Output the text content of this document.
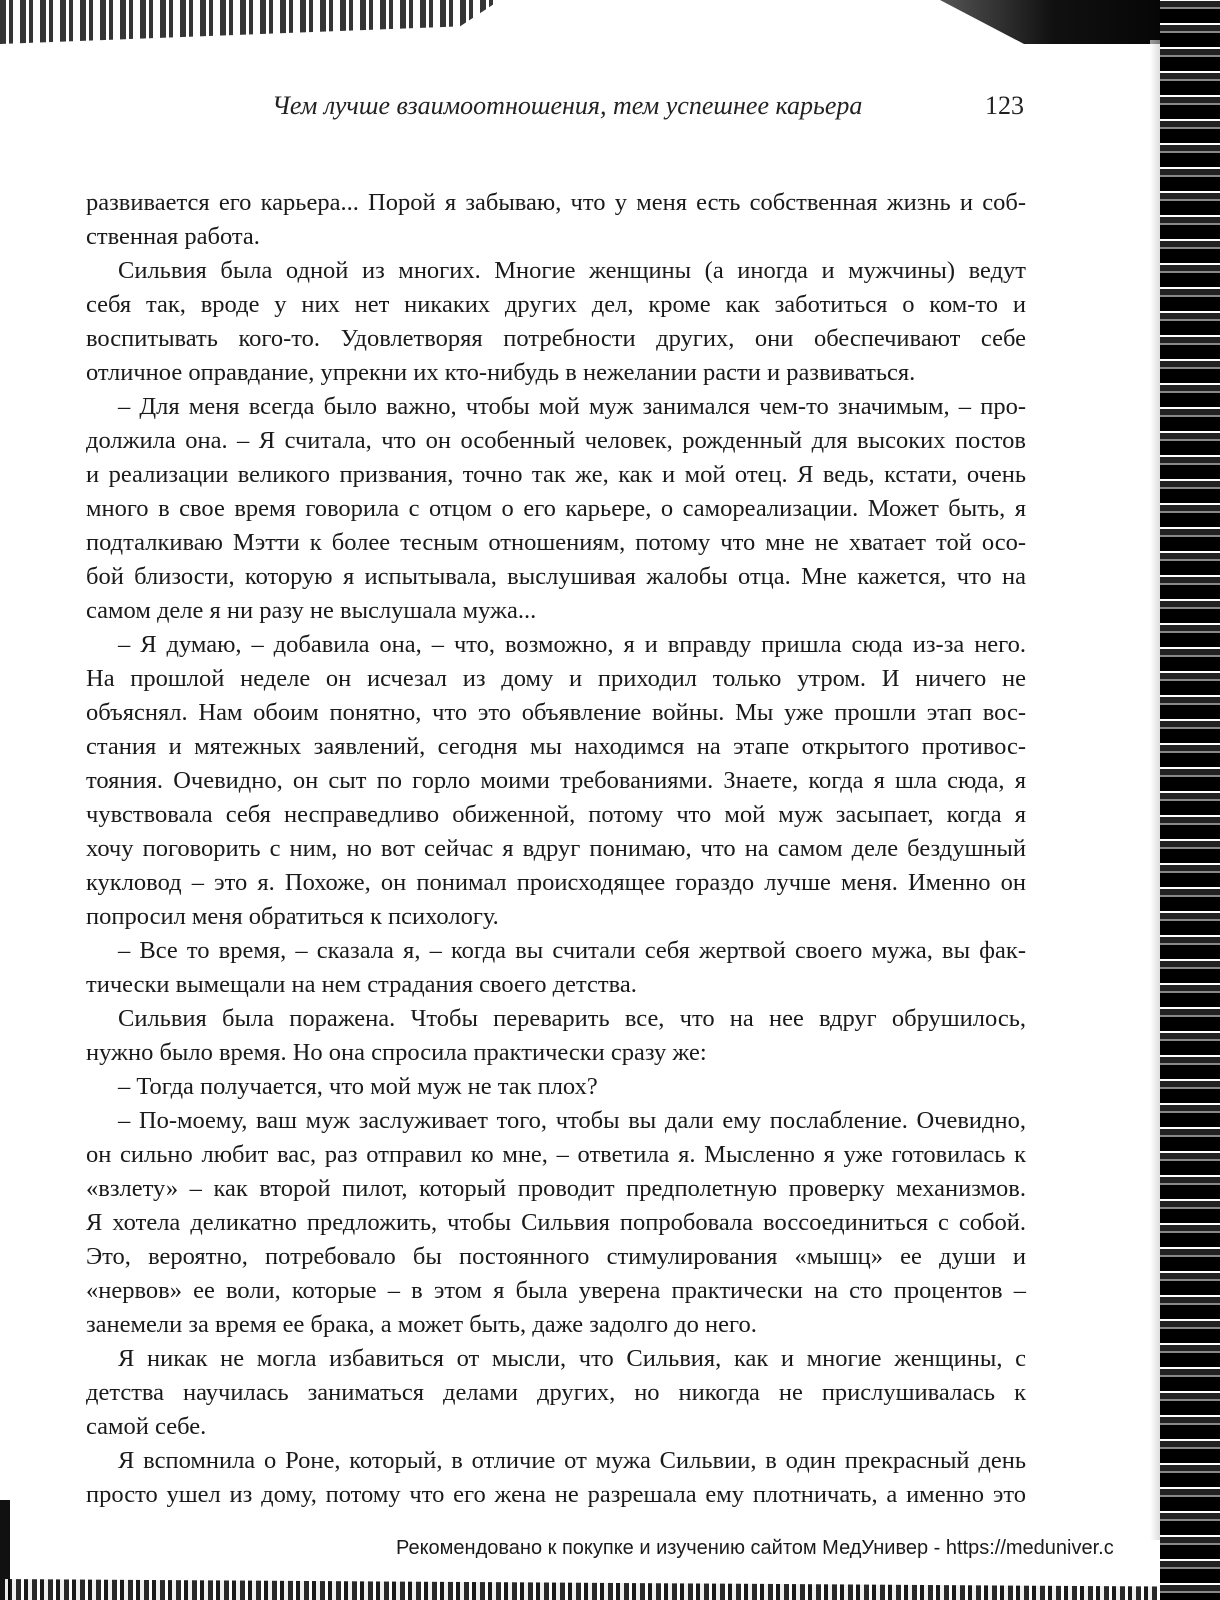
Чем лучше взаимоотношения, тем успешнее карьера	123
развивается его карьера... Порой я забываю, что у меня есть собственная жизнь и соб-
ственная работа.
Сильвия была одной из многих. Многие женщины (а иногда и мужчины) ведут
себя так, вроде у них нет никаких других дел, кроме как заботиться о ком-то и
воспитывать кого-то. Удовлетворяя потребности других, они обеспечивают себе
отличное оправдание, упрекни их кто-нибудь в нежелании расти и развиваться.
– Для меня всегда было важно, чтобы мой муж занимался чем-то значимым, – про-
должила она. – Я считала, что он особенный человек, рожденный для высоких постов
и реализации великого призвания, точно так же, как и мой отец. Я ведь, кстати, очень
много в свое время говорила с отцом о его карьере, о самореализации. Может быть, я
подталкиваю Мэтти к более тесным отношениям, потому что мне не хватает той осо-
бой близости, которую я испытывала, выслушивая жалобы отца. Мне кажется, что на
самом деле я ни разу не выслушала мужа...
– Я думаю, – добавила она, – что, возможно, я и вправду пришла сюда из-за него.
На прошлой неделе он исчезал из дому и приходил только утром. И ничего не
объяснял. Нам обоим понятно, что это объявление войны. Мы уже прошли этап вос-
стания и мятежных заявлений, сегодня мы находимся на этапе открытого противос-
тояния. Очевидно, он сыт по горло моими требованиями. Знаете, когда я шла сюда, я
чувствовала себя несправедливо обиженной, потому что мой муж засыпает, когда я
хочу поговорить с ним, но вот сейчас я вдруг понимаю, что на самом деле бездушный
кукловод – это я. Похоже, он понимал происходящее гораздо лучше меня. Именно он
попросил меня обратиться к психологу.
– Все то время, – сказала я, – когда вы считали себя жертвой своего мужа, вы фак-
тически вымещали на нем страдания своего детства.
Сильвия была поражена. Чтобы переварить все, что на нее вдруг обрушилось,
нужно было время. Но она спросила практически сразу же:
– Тогда получается, что мой муж не так плох?
– По-моему, ваш муж заслуживает того, чтобы вы дали ему послабление. Очевидно,
он сильно любит вас, раз отправил ко мне, – ответила я. Мысленно я уже готовилась к
«взлету» – как второй пилот, который проводит предполетную проверку механизмов.
Я хотела деликатно предложить, чтобы Сильвия попробовала воссоединиться с собой.
Это, вероятно, потребовало бы постоянного стимулирования «мышц» ее души и
«нервов» ее воли, которые – в этом я была уверена практически на сто процентов –
занемели за время ее брака, а может быть, даже задолго до него.
Я никак не могла избавиться от мысли, что Сильвия, как и многие женщины, с
детства научилась заниматься делами других, но никогда не прислушивалась к
самой себе.
Я вспомнила о Роне, который, в отличие от мужа Сильвии, в один прекрасный день
просто ушел из дому, потому что его жена не разрешала ему плотничать, а именно это
Рекомендовано к покупке и изучению сайтом МедУнивер - https://meduniver.c
